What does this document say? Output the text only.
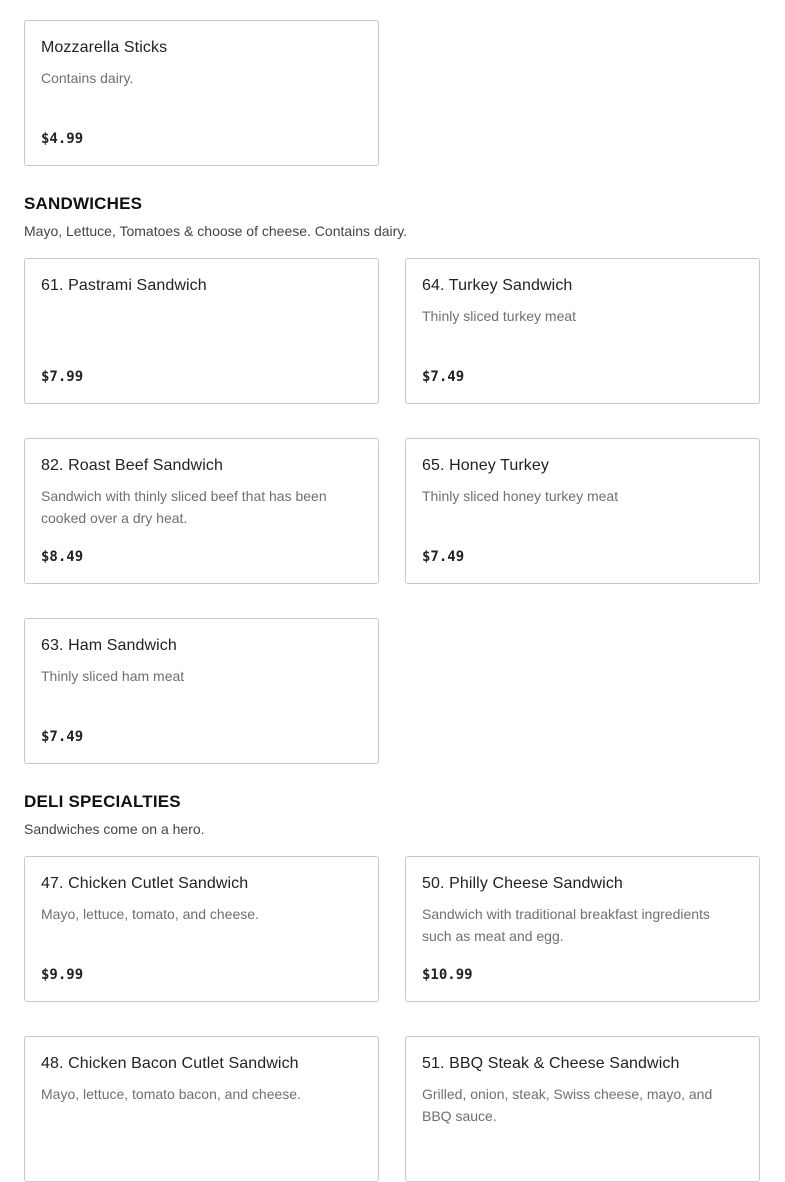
Mozzarella Sticks
Contains dairy.
$4.99
SANDWICHES
Mayo, Lettuce, Tomatoes & choose of cheese. Contains dairy.
61. Pastrami Sandwich
$7.99
64. Turkey Sandwich
Thinly sliced turkey meat
$7.49
82. Roast Beef Sandwich
Sandwich with thinly sliced beef that has been cooked over a dry heat.
$8.49
65. Honey Turkey
Thinly sliced honey turkey meat
$7.49
63. Ham Sandwich
Thinly sliced ham meat
$7.49
DELI SPECIALTIES
Sandwiches come on a hero.
47. Chicken Cutlet Sandwich
Mayo, lettuce, tomato, and cheese.
$9.99
50. Philly Cheese Sandwich
Sandwich with traditional breakfast ingredients such as meat and egg.
$10.99
48. Chicken Bacon Cutlet Sandwich
Mayo, lettuce, tomato bacon, and cheese.
51. BBQ Steak & Cheese Sandwich
Grilled, onion, steak, Swiss cheese, mayo, and BBQ sauce.
